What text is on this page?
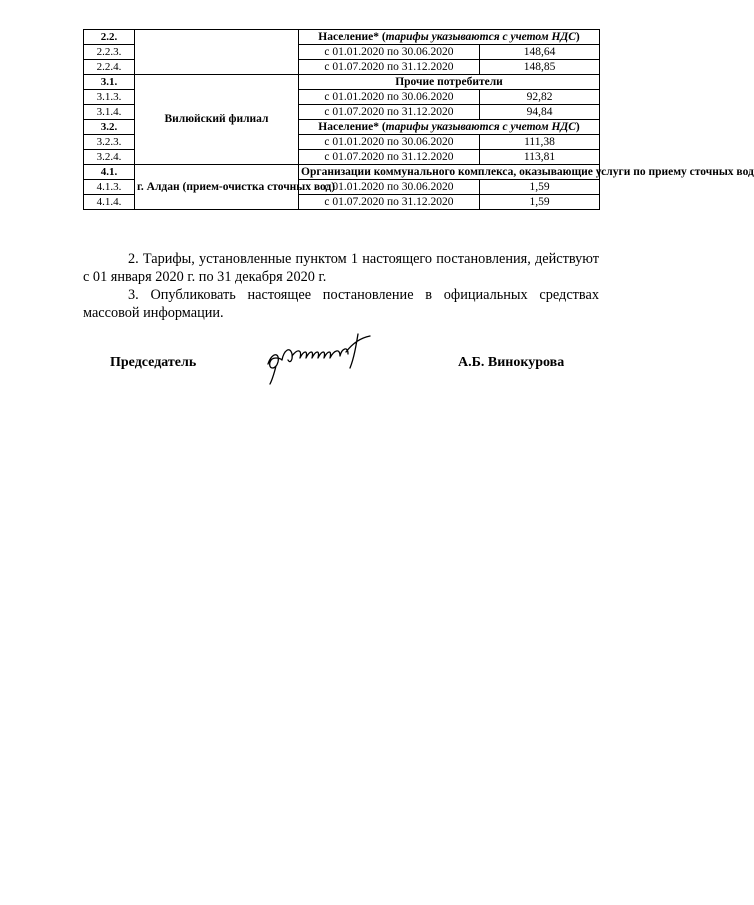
2.2.		Население* (тарифы указываются с учетом НДС)	
2.2.3.		с 01.01.2020 по 30.06.2020	148,64
2.2.4.		с 01.07.2020 по 31.12.2020	148,85
3.1.	Вилюйский филиал	Прочие потребители	
3.1.3.		с 01.01.2020 по 30.06.2020	92,82
3.1.4.		с 01.07.2020 по 31.12.2020	94,84
3.2.		Население* (тарифы указываются с учетом НДС)	
3.2.3.		с 01.01.2020 по 30.06.2020	111,38
3.2.4.		с 01.07.2020 по 31.12.2020	113,81
4.1.	г. Алдан (прием-очистка сточных вод)	Организации коммунального комплекса, оказывающие услуги по приему сточных вод	
4.1.3.		с 01.01.2020 по 30.06.2020	1,59
4.1.4.		с 01.07.2020 по 31.12.2020	1,59
2. Тарифы, установленные пунктом 1 настоящего постановления, действуют с 01 января 2020 г. по 31 декабря 2020 г.
3. Опубликовать настоящее постановление в официальных средствах массовой информации.
Председатель	А.Б. Винокурова
